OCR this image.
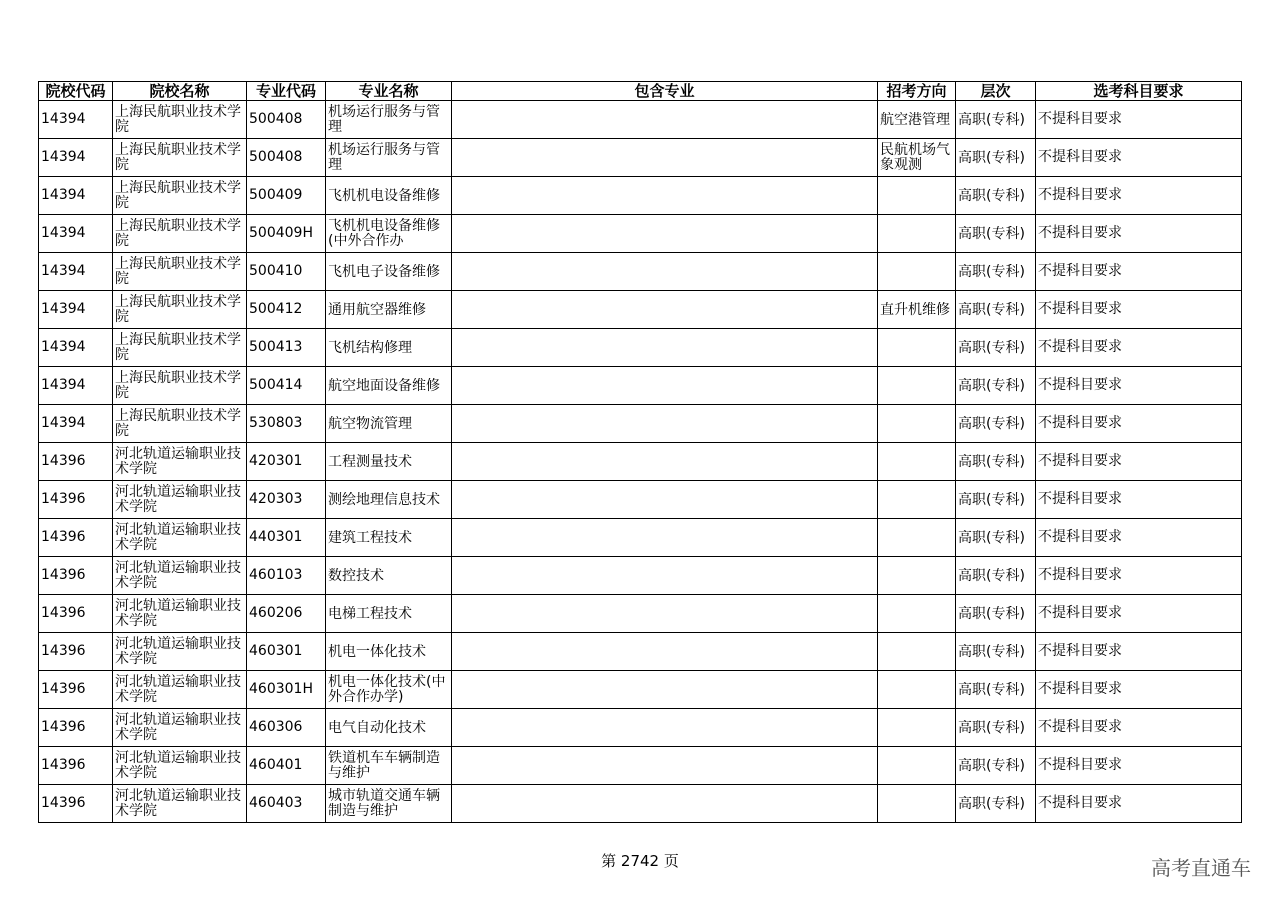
院校代码	院校名称	专业代码	专业名称	包含专业	招考方向	层次	选考科目要求
14394	上海民航职业技术学院	500408	机场运行服务与管理		航空港管理	高职(专科)	不提科目要求
14394	上海民航职业技术学院	500408	机场运行服务与管理		民航机场气象观测	高职(专科)	不提科目要求
14394	上海民航职业技术学院	500409	飞机机电设备维修			高职(专科)	不提科目要求
14394	上海民航职业技术学院	500409H	飞机机电设备维修(中外合作办			高职(专科)	不提科目要求
14394	上海民航职业技术学院	500410	飞机电子设备维修			高职(专科)	不提科目要求
14394	上海民航职业技术学院	500412	通用航空器维修		直升机维修	高职(专科)	不提科目要求
14394	上海民航职业技术学院	500413	飞机结构修理			高职(专科)	不提科目要求
14394	上海民航职业技术学院	500414	航空地面设备维修			高职(专科)	不提科目要求
14394	上海民航职业技术学院	530803	航空物流管理			高职(专科)	不提科目要求
14396	河北轨道运输职业技术学院	420301	工程测量技术			高职(专科)	不提科目要求
14396	河北轨道运输职业技术学院	420303	测绘地理信息技术			高职(专科)	不提科目要求
14396	河北轨道运输职业技术学院	440301	建筑工程技术			高职(专科)	不提科目要求
14396	河北轨道运输职业技术学院	460103	数控技术			高职(专科)	不提科目要求
14396	河北轨道运输职业技术学院	460206	电梯工程技术			高职(专科)	不提科目要求
14396	河北轨道运输职业技术学院	460301	机电一体化技术			高职(专科)	不提科目要求
14396	河北轨道运输职业技术学院	460301H	机电一体化技术(中外合作办学)			高职(专科)	不提科目要求
14396	河北轨道运输职业技术学院	460306	电气自动化技术			高职(专科)	不提科目要求
14396	河北轨道运输职业技术学院	460401	铁道机车车辆制造与维护			高职(专科)	不提科目要求
14396	河北轨道运输职业技术学院	460403	城市轨道交通车辆制造与维护			高职(专科)	不提科目要求
第 2742 页	高考直通车
